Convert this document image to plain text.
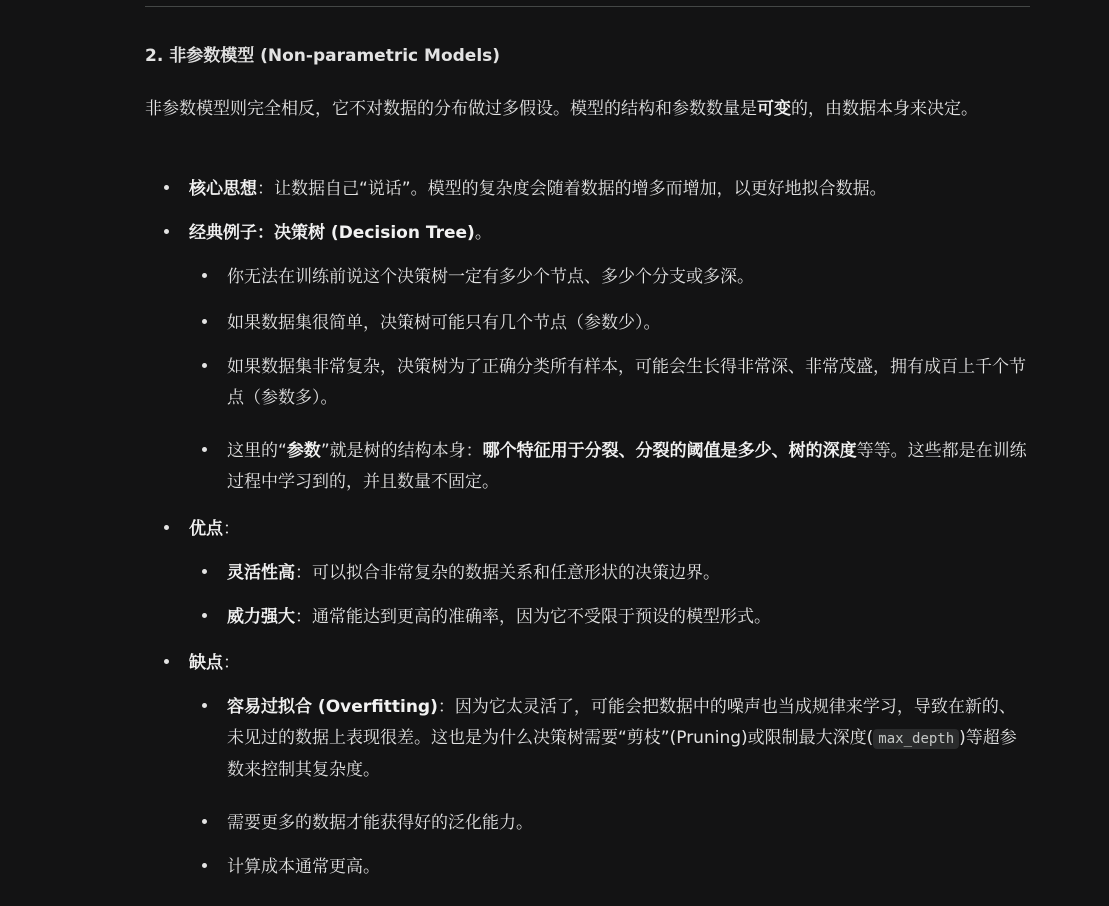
2. 非参数模型 (Non-parametric Models)

非参数模型则完全相反，它不对数据的分布做过多假设。模型的结构和参数数量是可变的，由数据本身来决定。

核心思想：让数据自己“说话”。模型的复杂度会随着数据的增多而增加，以更好地拟合数据。
经典例子：决策树 (Decision Tree)。
你无法在训练前说这个决策树一定有多少个节点、多少个分支或多深。
如果数据集很简单，决策树可能只有几个节点（参数少）。
如果数据集非常复杂，决策树为了正确分类所有样本，可能会生长得非常深、非常茂盛，拥有成百上千个节点（参数多）。
这里的“参数”就是树的结构本身：哪个特征用于分裂、分裂的阈值是多少、树的深度等等。这些都是在训练过程中学习到的，并且数量不固定。
优点：
灵活性高：可以拟合非常复杂的数据关系和任意形状的决策边界。
威力强大：通常能达到更高的准确率，因为它不受限于预设的模型形式。
缺点：
容易过拟合 (Overfitting)：因为它太灵活了，可能会把数据中的噪声也当成规律来学习，导致在新的、未见过的数据上表现很差。这也是为什么决策树需要“剪枝”(Pruning)或限制最大深度( max_depth )等超参数来控制其复杂度。
需要更多的数据才能获得好的泛化能力。
计算成本通常更高。
